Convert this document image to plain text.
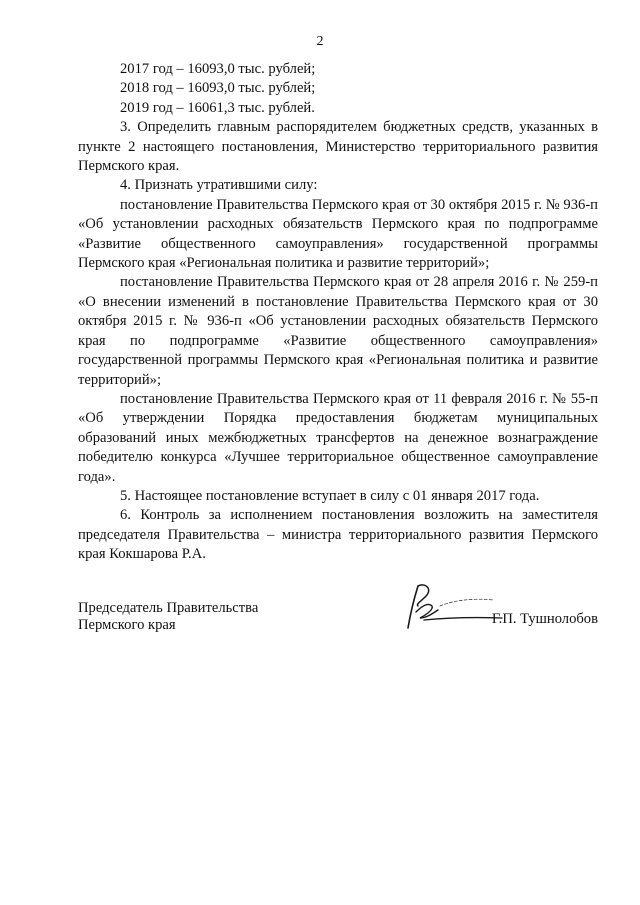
2

2017 год – 16093,0 тыс. рублей;

2018 год – 16093,0 тыс. рублей;

2019 год – 16061,3 тыс. рублей.

3. Определить главным распорядителем бюджетных средств, указанных в пункте 2 настоящего постановления, Министерство территориального развития Пермского края.

4. Признать утратившими силу:

постановление Правительства Пермского края от 30 октября 2015 г. № 936-п «Об установлении расходных обязательств Пермского края по подпрограмме «Развитие общественного самоуправления» государственной программы Пермского края «Региональная политика и развитие территорий»;

постановление Правительства Пермского края от 28 апреля 2016 г. № 259-п «О внесении изменений в постановление Правительства Пермского края от 30 октября 2015 г. № 936-п «Об установлении расходных обязательств Пермского края по подпрограмме «Развитие общественного самоуправления» государственной программы Пермского края «Региональная политика и развитие территорий»;

постановление Правительства Пермского края от 11 февраля 2016 г. № 55-п «Об утверждении Порядка предоставления бюджетам муниципальных образований иных межбюджетных трансфертов на денежное вознаграждение победителю конкурса «Лучшее территориальное общественное самоуправление года».

5. Настоящее постановление вступает в силу с 01 января 2017 года.

6. Контроль за исполнением постановления возложить на заместителя председателя Правительства – министра территориального развития Пермского края Кокшарова Р.А.

Председатель Правительства
Пермского края	Г.П. Тушнолобов
